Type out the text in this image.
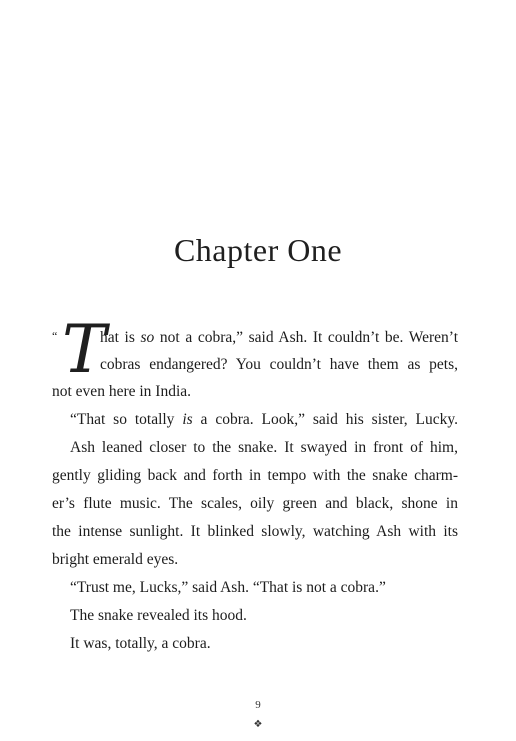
Chapter One
“ T
hat is so not a cobra,” said Ash. It couldn’t be. Weren’t
cobras endangered? You couldn’t have them as pets,
not even here in India.
“That so totally is a cobra. Look,” said his sister, Lucky.
Ash leaned closer to the snake. It swayed in front of him,
gently gliding back and forth in tempo with the snake charm-
er’s flute music. The scales, oily green and black, shone in
the intense sunlight. It blinked slowly, watching Ash with its
bright emerald eyes.
“Trust me, Lucks,” said Ash. “That is not a cobra.”
The snake revealed its hood.
It was, totally, a cobra.
9
❖
